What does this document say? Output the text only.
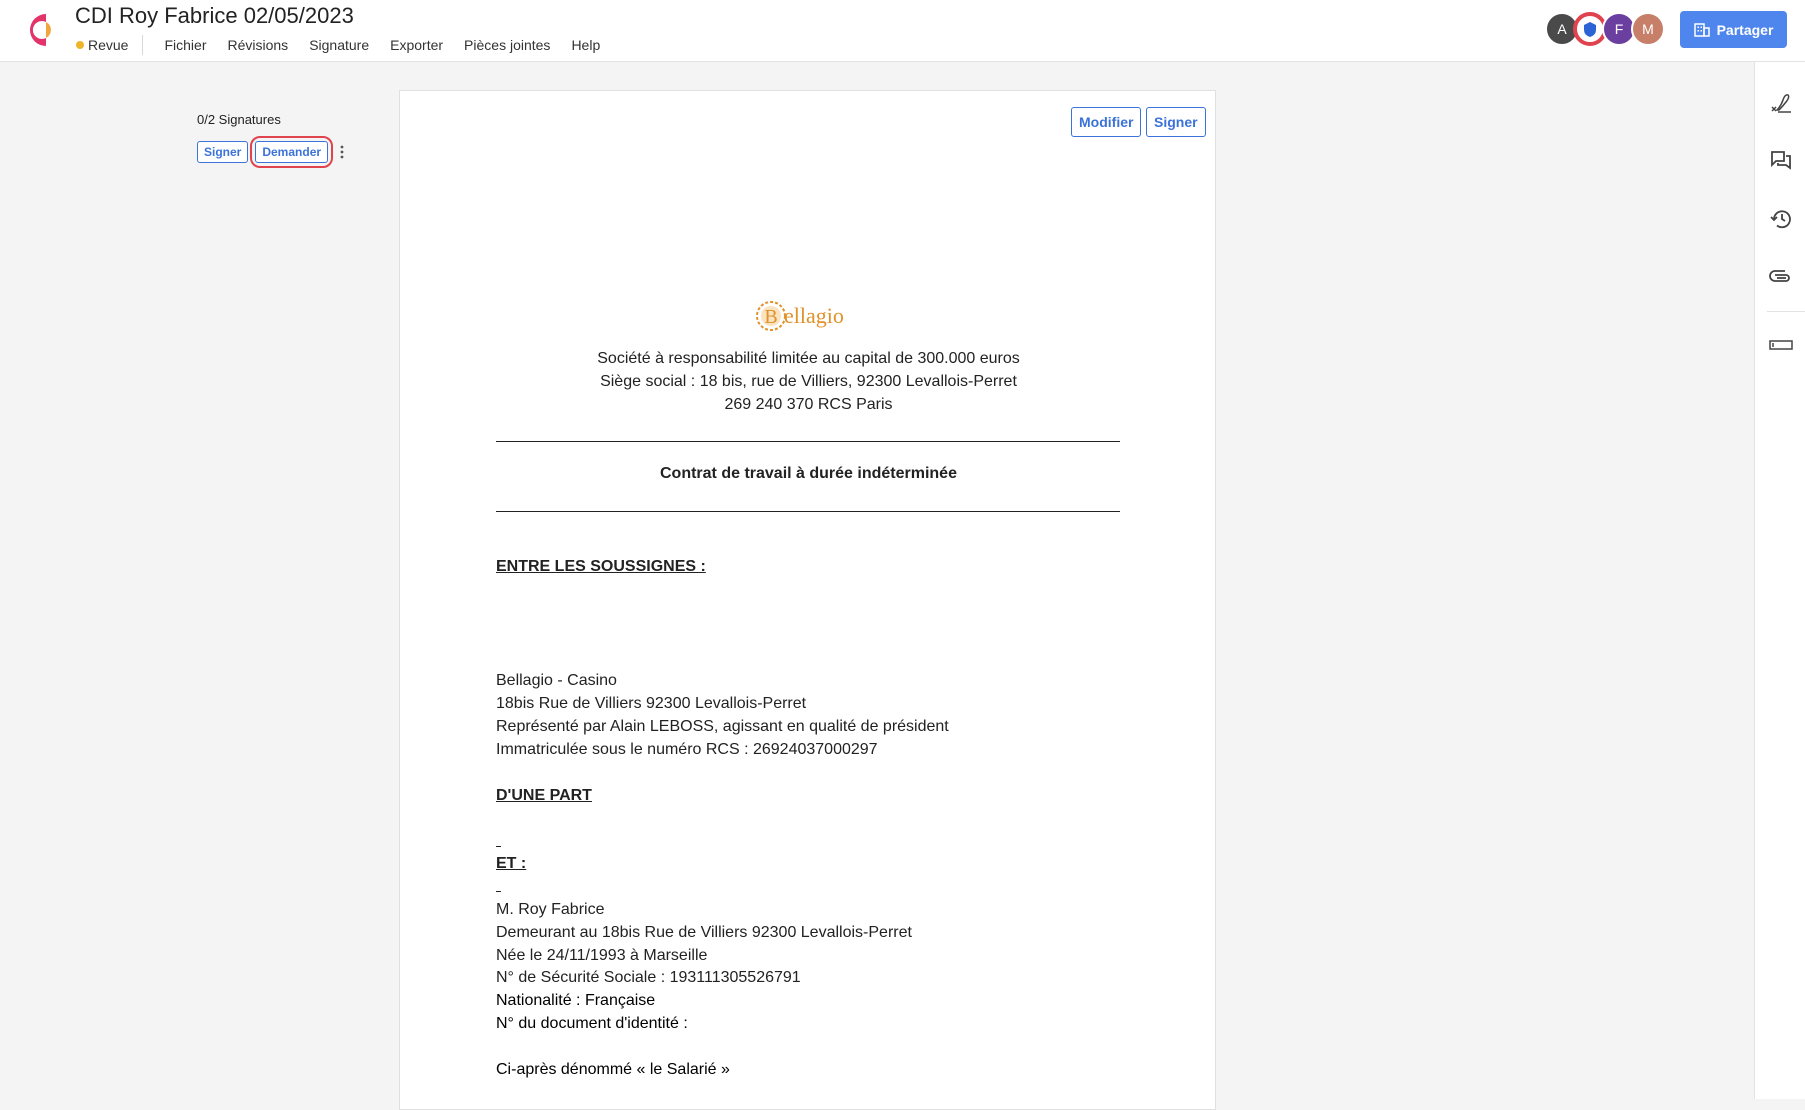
CDI Roy Fabrice 02/05/2023
Revue	Fichier Révisions Signature Exporter Pièces jointes Help
A	F	M	Partager
0/2 Signatures
Signer	Demander
Modifier	Signer
B ellagio
Société à responsabilité limitée au capital de 300.000 euros
Siège social : 18 bis, rue de Villiers, 92300 Levallois-Perret
269 240 370 RCS Paris
Contrat de travail à durée indéterminée
ENTRE LES SOUSSIGNES :
Bellagio - Casino
18bis Rue de Villiers 92300 Levallois-Perret
Représenté par Alain LEBOSS, agissant en qualité de président
Immatriculée sous le numéro RCS : 26924037000297
D'UNE PART
ET :
M. Roy Fabrice
Demeurant au 18bis Rue de Villiers 92300 Levallois-Perret
Née le 24/11/1993 à Marseille
N° de Sécurité Sociale : 193111305526791
Nationalité : Française
N° du document d'identité :
Ci-après dénommé « le Salarié »
